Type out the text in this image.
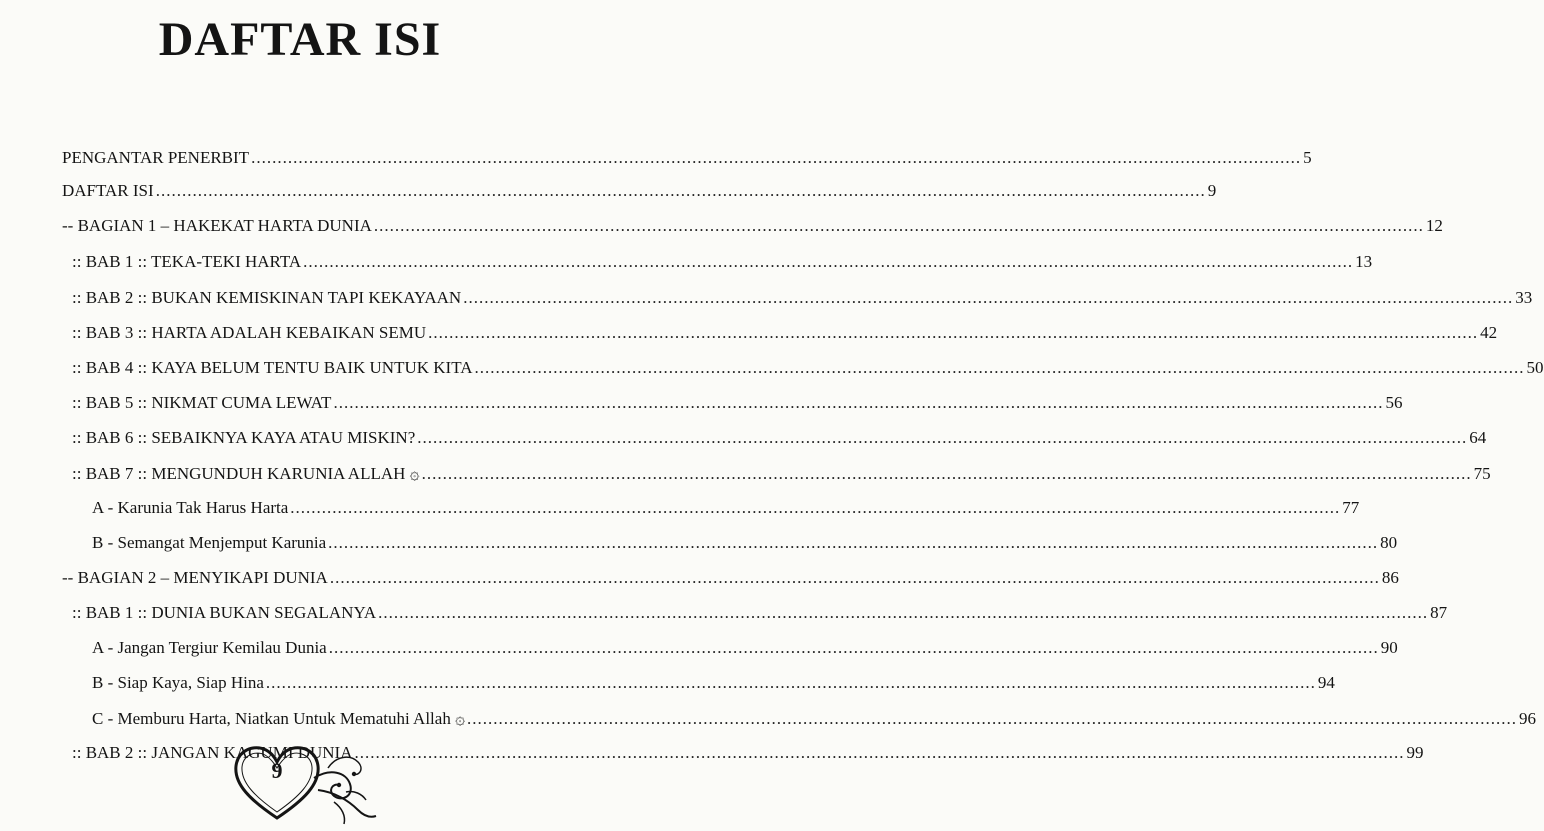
DAFTAR ISI
PENGANTAR PENERBIT ........................................................................................................................................................................................................ 5
DAFTAR ISI ........................................................................................................................................................................................................ 9
-- BAGIAN 1 – HAKEKAT HARTA DUNIA ........................................................................................................................................................................................................ 12
:: BAB 1 :: TEKA-TEKI HARTA ........................................................................................................................................................................................................ 13
:: BAB 2 :: BUKAN KEMISKINAN TAPI KEKAYAAN ........................................................................................................................................................................................................ 33
:: BAB 3 :: HARTA ADALAH KEBAIKAN SEMU ........................................................................................................................................................................................................ 42
:: BAB 4 :: KAYA BELUM TENTU BAIK UNTUK KITA ........................................................................................................................................................................................................ 50
:: BAB 5 :: NIKMAT CUMA LEWAT ........................................................................................................................................................................................................ 56
:: BAB 6 :: SEBAIKNYA KAYA ATAU MISKIN? ........................................................................................................................................................................................................ 64
:: BAB 7 :: MENGUNDUH KARUNIA ALLAH ۞ ........................................................................................................................................................................................................ 75
A - Karunia Tak Harus Harta ........................................................................................................................................................................................................ 77
B - Semangat Menjemput Karunia ........................................................................................................................................................................................................ 80
-- BAGIAN 2 – MENYIKAPI DUNIA ........................................................................................................................................................................................................ 86
:: BAB 1 :: DUNIA BUKAN SEGALANYA ........................................................................................................................................................................................................ 87
A - Jangan Tergiur Kemilau Dunia ........................................................................................................................................................................................................ 90
B - Siap Kaya, Siap Hina ........................................................................................................................................................................................................ 94
C - Memburu Harta, Niatkan Untuk Mematuhi Allah ۞ ........................................................................................................................................................................................................ 96
:: BAB 2 :: JANGAN KAGUMI DUNIA ........................................................................................................................................................................................................ 99
9
